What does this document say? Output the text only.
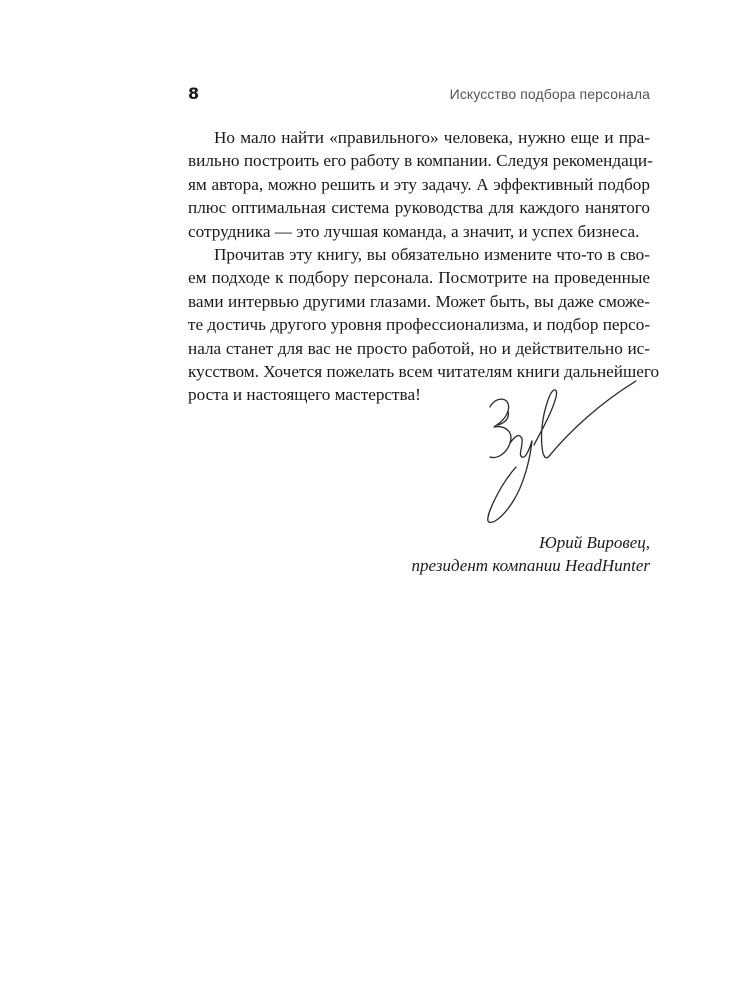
8	Искусство подбора персонала

Но мало найти «правильного» человека, нужно еще и пра-
вильно построить его работу в компании. Следуя рекомендаци-
ям автора, можно решить и эту задачу. А эффективный подбор
плюс оптимальная система руководства для каждого нанятого
сотрудника — это лучшая команда, а значит, и успех бизнеса.

Прочитав эту книгу, вы обязательно измените что-то в сво-
ем подходе к подбору персонала. Посмотрите на проведенные
вами интервью другими глазами. Может быть, вы даже сможе-
те достичь другого уровня профессионализма, и подбор персо-
нала станет для вас не просто работой, но и действительно ис-
кусством. Хочется пожелать всем читателям книги дальнейшего
роста и настоящего мастерства!

Юрий Вировец,
президент компании HeadHunter
